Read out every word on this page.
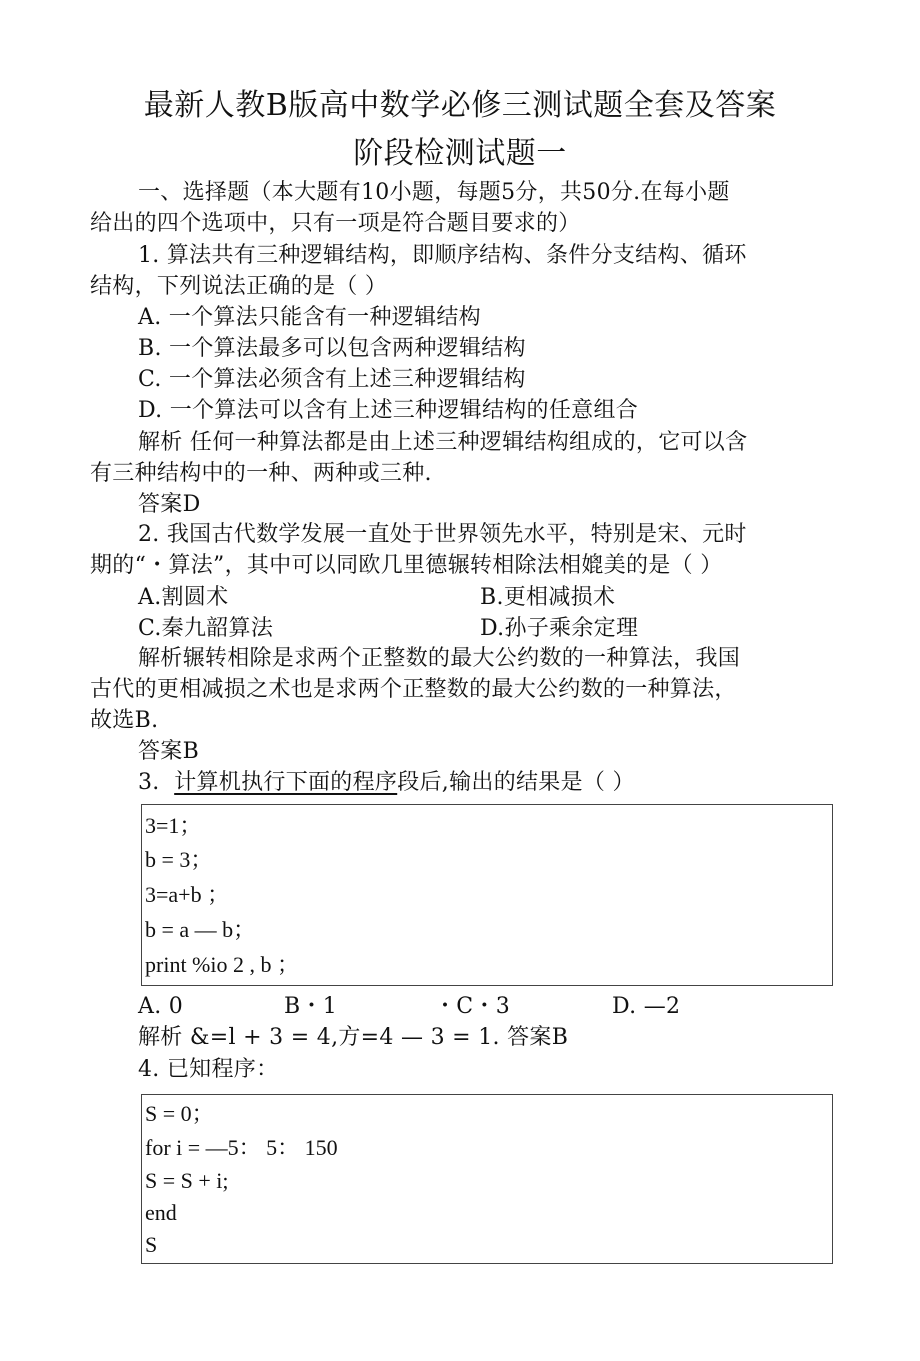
最新人教B版高中数学必修三测试题全套及答案
阶段检测试题一
一、选择题（本大题有10小题，每题5分，共50分.在每小题
给出的四个选项中，只有一项是符合题目要求的）
1. 算法共有三种逻辑结构，即顺序结构、条件分支结构、循环
结构，下列说法正确的是（ ）
A. 一个算法只能含有一种逻辑结构
B. 一个算法最多可以包含两种逻辑结构
C. 一个算法必须含有上述三种逻辑结构
D. 一个算法可以含有上述三种逻辑结构的任意组合
解析 任何一种算法都是由上述三种逻辑结构组成的，它可以含
有三种结构中的一种、两种或三种.
答案D
2. 我国古代数学发展一直处于世界领先水平，特别是宋、元时
期的“・算法”，其中可以同欧几里德辗转相除法相媲美的是（ ）
A.割圆术	B.更相减损术
C.秦九韶算法	D.孙子乘余定理
解析辗转相除是求两个正整数的最大公约数的一种算法，我国
古代的更相减损之术也是求两个正整数的最大公约数的一种算法，
故选B.
答案B
3. 计算机执行下面的程序段后,输出的结果是（ ）
3=1；
b = 3；
3=a+b ；
b = a — b；
print %io 2 , b ；
A. 0	B・1	・C・3	D. —2
解析 &=l + 3 = 4,方=4 — 3 = 1. 答案B
4. 已知程序：
S = 0；
for i = —5： 5： 150
S = S + i;
end
S
